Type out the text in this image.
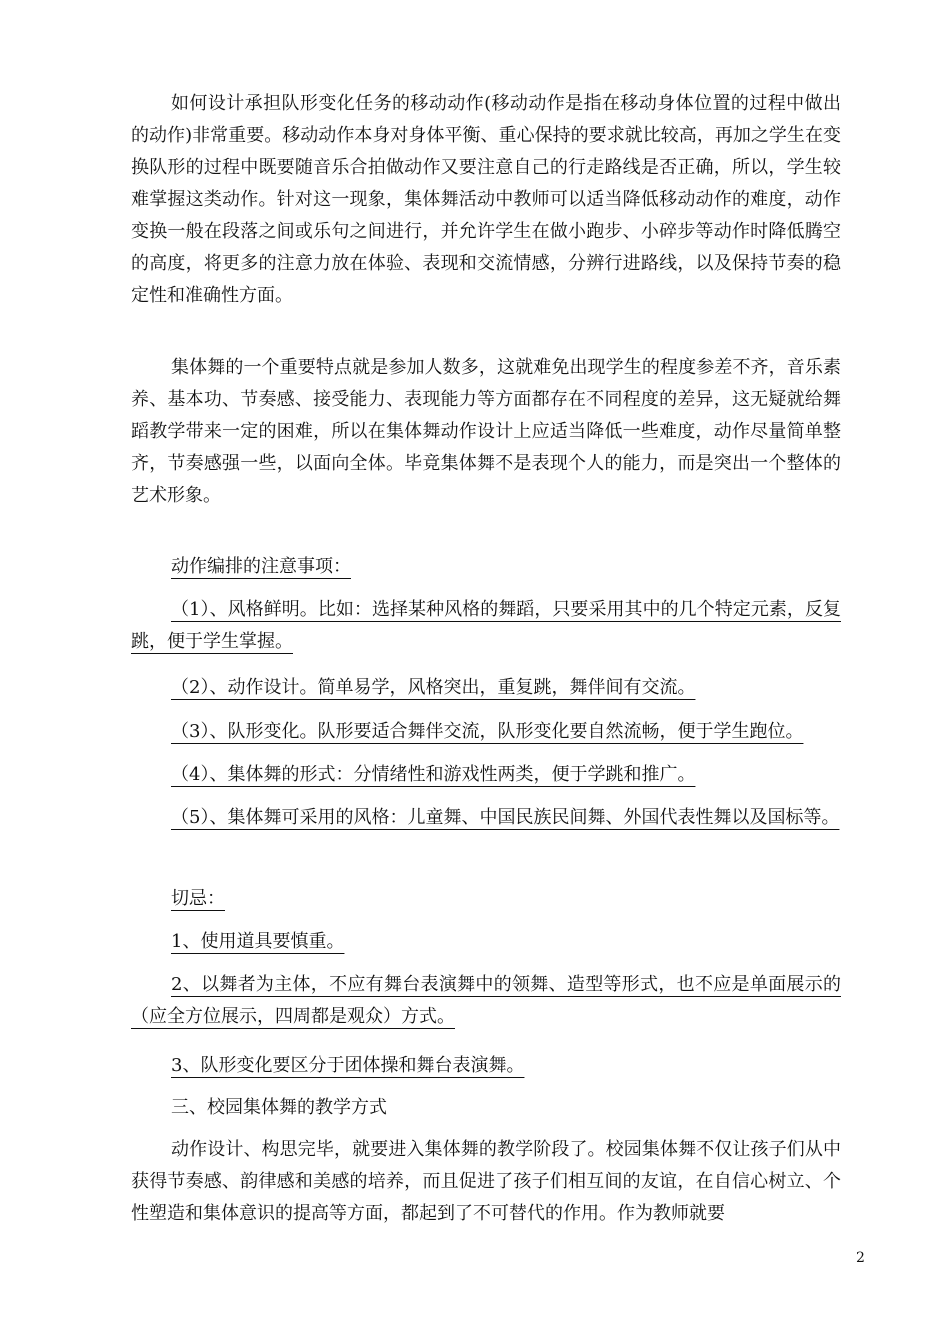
如何设计承担队形变化任务的移动动作(移动动作是指在移动身体位置的过程中做出的动作)非常重要。移动动作本身对身体平衡、重心保持的要求就比较高，再加之学生在变换队形的过程中既要随音乐合拍做动作又要注意自己的行走路线是否正确，所以，学生较难掌握这类动作。针对这一现象，集体舞活动中教师可以适当降低移动动作的难度，动作变换一般在段落之间或乐句之间进行，并允许学生在做小跑步、小碎步等动作时降低腾空的高度，将更多的注意力放在体验、表现和交流情感，分辨行进路线，以及保持节奏的稳定性和准确性方面。

集体舞的一个重要特点就是参加人数多，这就难免出现学生的程度参差不齐，音乐素养、基本功、节奏感、接受能力、表现能力等方面都存在不同程度的差异，这无疑就给舞蹈教学带来一定的困难，所以在集体舞动作设计上应适当降低一些难度，动作尽量简单整齐，节奏感强一些，以面向全体。毕竟集体舞不是表现个人的能力，而是突出一个整体的艺术形象。

动作编排的注意事项：

（1）、风格鲜明。比如：选择某种风格的舞蹈，只要采用其中的几个特定元素，反复跳，便于学生掌握。

（2）、动作设计。简单易学，风格突出，重复跳，舞伴间有交流。

（3）、队形变化。队形要适合舞伴交流，队形变化要自然流畅，便于学生跑位。

（4）、集体舞的形式：分情绪性和游戏性两类，便于学跳和推广。

（5）、集体舞可采用的风格：儿童舞、中国民族民间舞、外国代表性舞以及国标等。

切忌：

1、使用道具要慎重。

2、以舞者为主体，不应有舞台表演舞中的领舞、造型等形式，也不应是单面展示的（应全方位展示，四周都是观众）方式。

3、队形变化要区分于团体操和舞台表演舞。

三、校园集体舞的教学方式

动作设计、构思完毕，就要进入集体舞的教学阶段了。校园集体舞不仅让孩子们从中获得节奏感、韵律感和美感的培养，而且促进了孩子们相互间的友谊，在自信心树立、个性塑造和集体意识的提高等方面，都起到了不可替代的作用。作为教师就要

2
